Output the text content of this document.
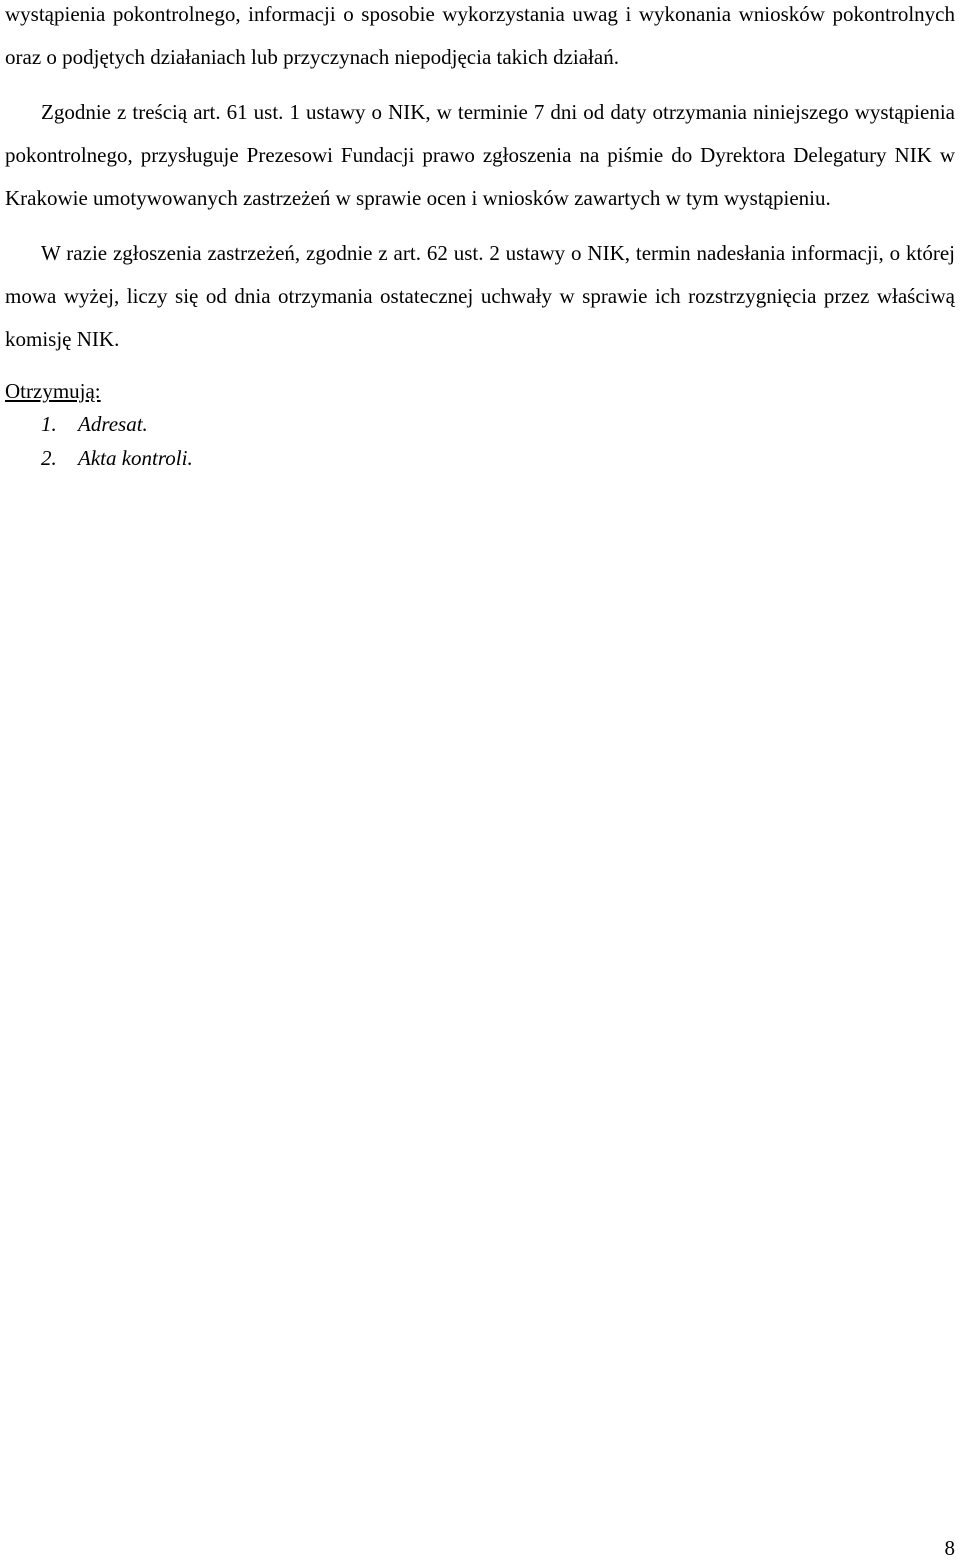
wystąpienia pokontrolnego, informacji o sposobie wykorzystania uwag i wykonania wniosków pokontrolnych oraz o podjętych działaniach lub przyczynach niepodjęcia takich działań.

Zgodnie z treścią art. 61 ust. 1 ustawy o NIK, w terminie 7 dni od daty otrzymania niniejszego wystąpienia pokontrolnego, przysługuje Prezesowi Fundacji prawo zgłoszenia na piśmie do Dyrektora Delegatury NIK w Krakowie umotywowanych zastrzeżeń w sprawie ocen i wniosków zawartych w tym wystąpieniu.

W razie zgłoszenia zastrzeżeń, zgodnie z art. 62 ust. 2 ustawy o NIK, termin nadesłania informacji, o której mowa wyżej, liczy się od dnia otrzymania ostatecznej uchwały w sprawie ich rozstrzygnięcia przez właściwą komisję NIK.

Otrzymują:
1. Adresat.
2. Akta kontroli.
8
